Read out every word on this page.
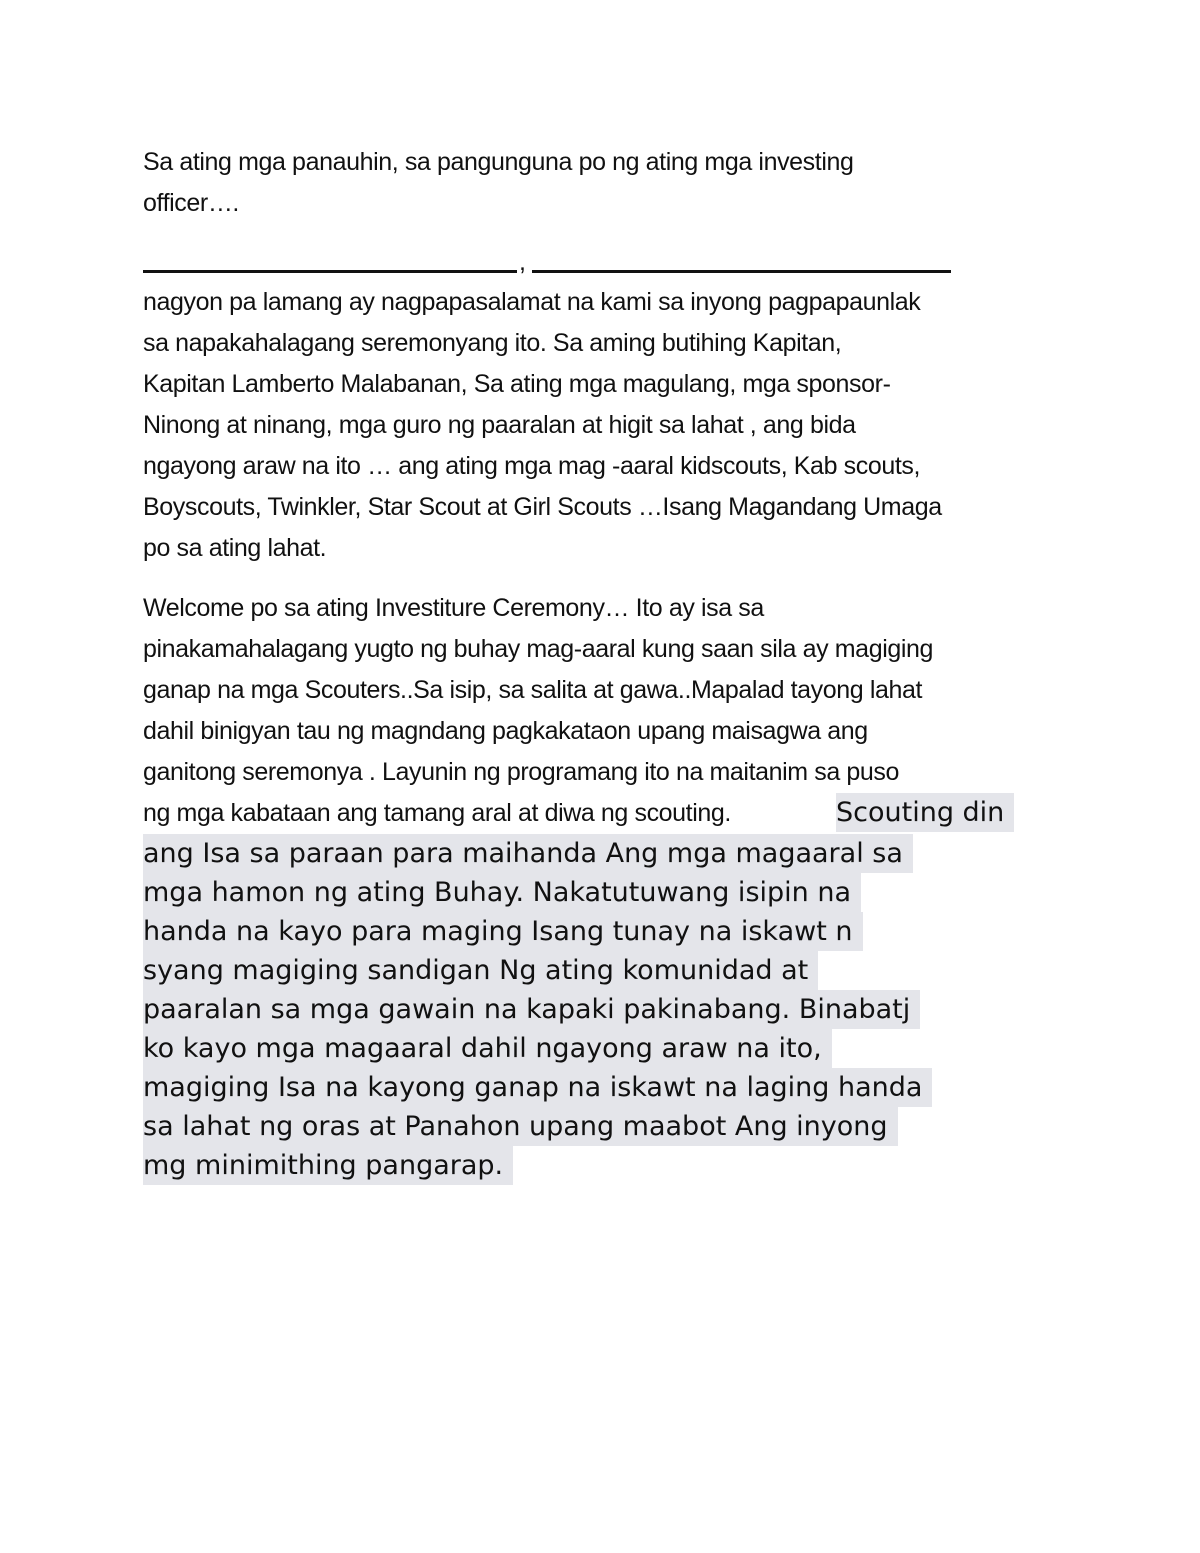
Sa ating mga panauhin, sa pangunguna po ng ating mga investing
officer….
,
nagyon pa lamang ay nagpapasalamat na kami sa inyong pagpapaunlak
sa napakahalagang seremonyang ito. Sa aming butihing Kapitan,
Kapitan Lamberto Malabanan, Sa ating mga magulang, mga sponsor-
Ninong at ninang, mga guro ng paaralan at higit sa lahat , ang bida
ngayong araw na ito … ang ating mga mag -aaral kidscouts, Kab scouts,
Boyscouts, Twinkler, Star Scout at Girl Scouts …Isang Magandang Umaga
po sa ating lahat.
Welcome po sa ating Investiture Ceremony… Ito ay isa sa
pinakamahalagang yugto ng buhay mag-aaral kung saan sila ay magiging
ganap na mga Scouters..Sa isip, sa salita at gawa..Mapalad tayong lahat
dahil binigyan tau ng magndang pagkakataon upang maisagwa ang
ganitong seremonya . Layunin ng programang ito na maitanim sa puso
ng mga kabataan ang tamang aral at diwa ng scouting.	Scouting din
ang Isa sa paraan para maihanda Ang mga magaaral sa
mga hamon ng ating Buhay. Nakatutuwang isipin na
handa na kayo para maging Isang tunay na iskawt n
syang magiging sandigan Ng ating komunidad at
paaralan sa mga gawain na kapaki pakinabang. Binabatj
ko kayo mga magaaral dahil ngayong araw na ito,
magiging Isa na kayong ganap na iskawt na laging handa
sa lahat ng oras at Panahon upang maabot Ang inyong
mg minimithing pangarap.
